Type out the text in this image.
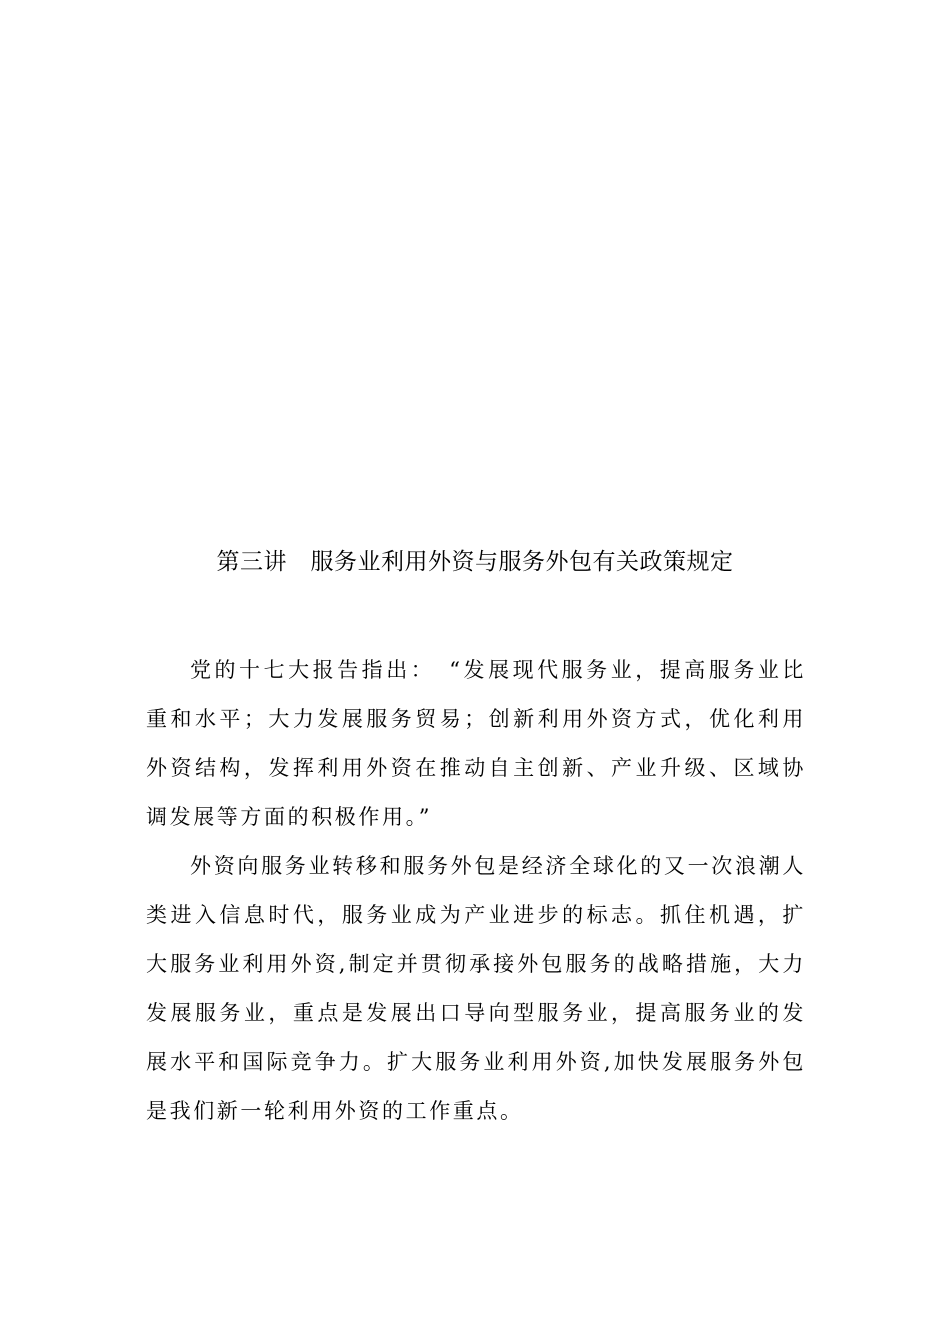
第三讲　服务业利用外资与服务外包有关政策规定

党的十七大报告指出：　“发展现代服务业，提高服务业比重和水平；大力发展服务贸易；创新利用外资方式，优化利用外资结构，发挥利用外资在推动自主创新、产业升级、区域协调发展等方面的积极作用。”

外资向服务业转移和服务外包是经济全球化的又一次浪潮人类进入信息时代，服务业成为产业进步的标志。抓住机遇，扩大服务业利用外资,制定并贯彻承接外包服务的战略措施，大力发展服务业，重点是发展出口导向型服务业，提高服务业的发展水平和国际竞争力。扩大服务业利用外资,加快发展服务外包是我们新一轮利用外资的工作重点。
